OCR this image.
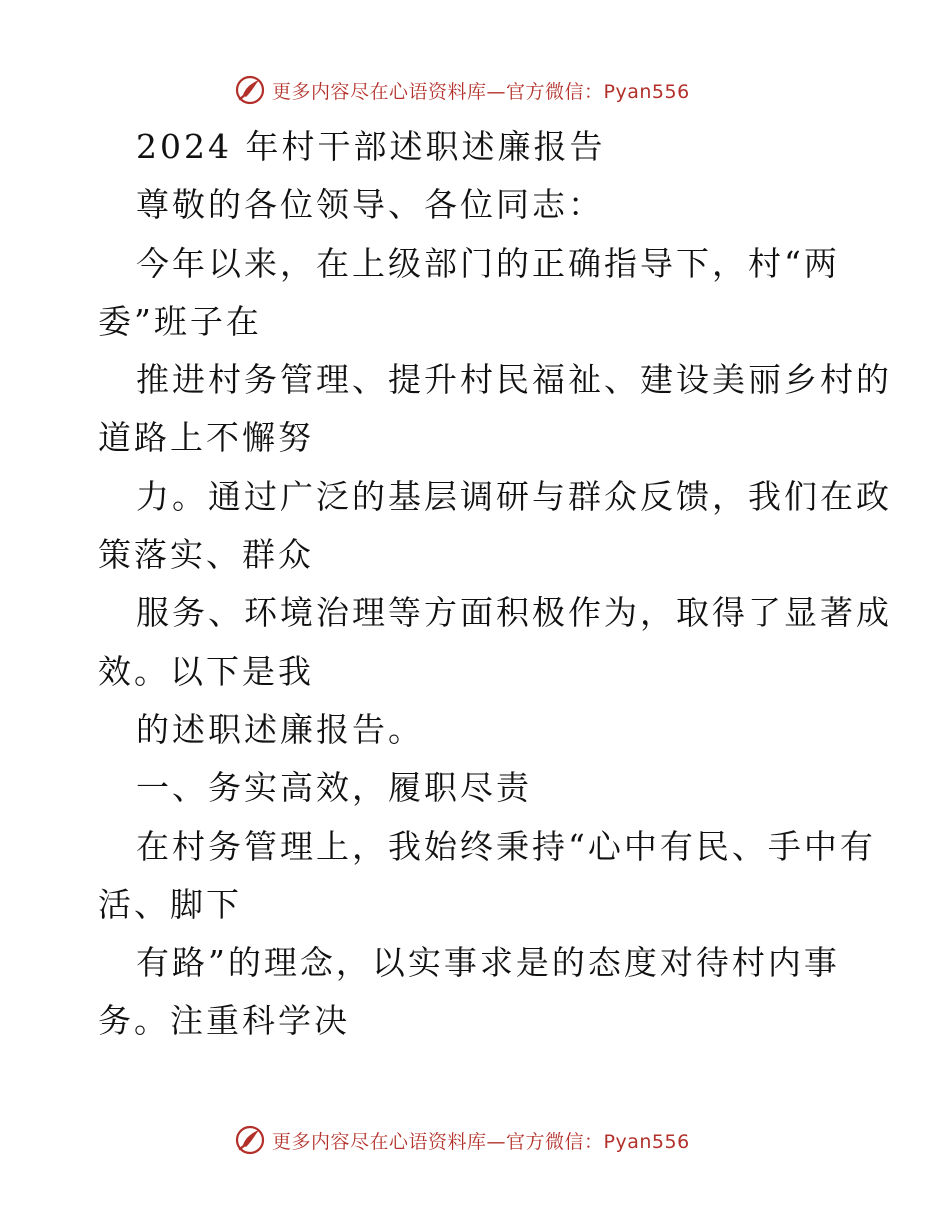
更多内容尽在心语资料库—官方微信：Pyan556
2024 年村干部述职述廉报告
尊敬的各位领导、各位同志：
今年以来，在上级部门的正确指导下，村“两
委”班子在
推进村务管理、提升村民福祉、建设美丽乡村的
道路上不懈努
力。通过广泛的基层调研与群众反馈，我们在政
策落实、群众
服务、环境治理等方面积极作为，取得了显著成
效。以下是我
的述职述廉报告。
一、务实高效，履职尽责
在村务管理上，我始终秉持“心中有民、手中有
活、脚下
有路”的理念，以实事求是的态度对待村内事
务。注重科学决
更多内容尽在心语资料库—官方微信：Pyan556
